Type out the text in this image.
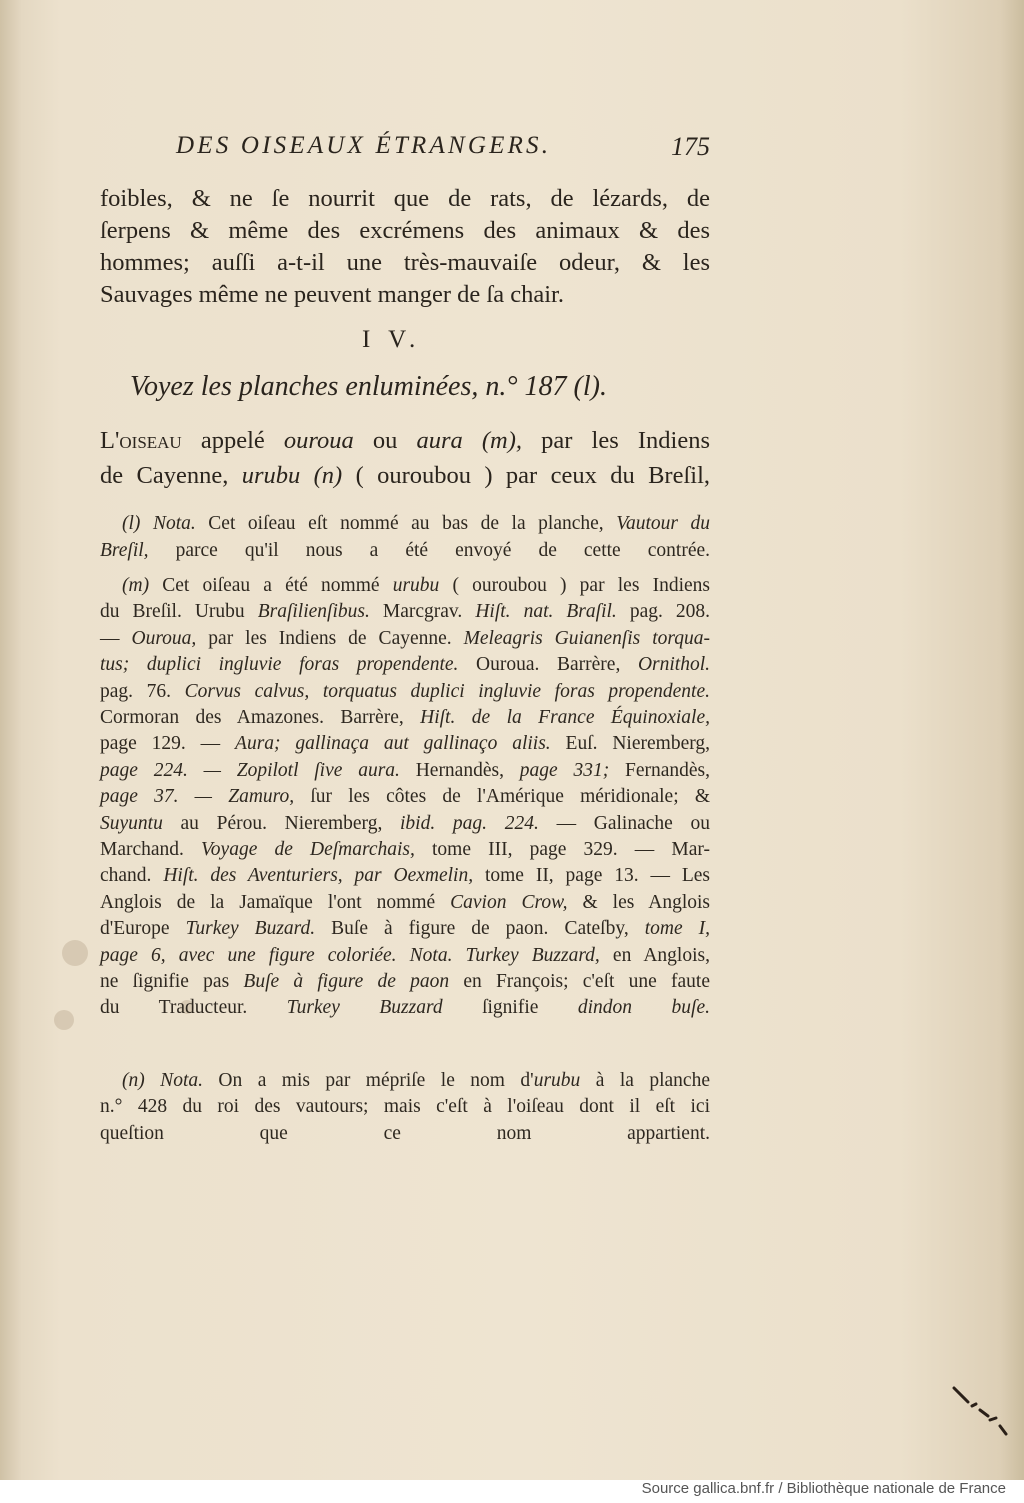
DES OISEAUX ÉTRANGERS.	175
foibles, & ne ſe nourrit que de rats, de lézards, de
ſerpens & même des excrémens des animaux & des
hommes; auſſi a-t-il une très-mauvaiſe odeur, & les
Sauvages même ne peuvent manger de ſa chair.
I V.
Voyez les planches enluminées, n.° 187 (l).
L'oiseau appelé ouroua ou aura (m), par les Indiens
de Cayenne, urubu (n) ( ouroubou ) par ceux du Breſil,
(l) Nota. Cet oiſeau eſt nommé au bas de la planche, Vautour du
Breſil, parce qu'il nous a été envoyé de cette contrée.
(m) Cet oiſeau a été nommé urubu ( ouroubou ) par les Indiens
du Breſil. Urubu Braſilienſibus. Marcgrav. Hiſt. nat. Braſil. pag. 208.
— Ouroua, par les Indiens de Cayenne. Meleagris Guianenſis torqua-
tus; duplici ingluvie foras propendente. Ouroua. Barrère, Ornithol.
pag. 76. Corvus calvus, torquatus duplici ingluvie foras propendente.
Cormoran des Amazones. Barrère, Hiſt. de la France Équinoxiale,
page 129. — Aura; gallinaça aut gallinaço aliis. Euſ. Nieremberg,
page 224. — Zopilotl ſive aura. Hernandès, page 331; Fernandès,
page 37. — Zamuro, ſur les côtes de l'Amérique méridionale; &
Suyuntu au Pérou. Nieremberg, ibid. pag. 224. — Galinache ou
Marchand. Voyage de Deſmarchais, tome III, page 329. — Mar-
chand. Hiſt. des Aventuriers, par Oexmelin, tome II, page 13. — Les
Anglois de la Jamaïque l'ont nommé Cavion Crow, & les Anglois
d'Europe Turkey Buzard. Buſe à figure de paon. Cateſby, tome I,
page 6, avec une figure coloriée. Nota. Turkey Buzzard, en Anglois,
ne ſignifie pas Buſe à figure de paon en François; c'eſt une faute
du Traducteur. Turkey Buzzard ſignifie dindon buſe.
(n) Nota. On a mis par mépriſe le nom d'urubu à la planche
n.° 428 du roi des vautours; mais c'eſt à l'oiſeau dont il eſt ici
queſtion que ce nom appartient.
Source gallica.bnf.fr / Bibliothèque nationale de France
